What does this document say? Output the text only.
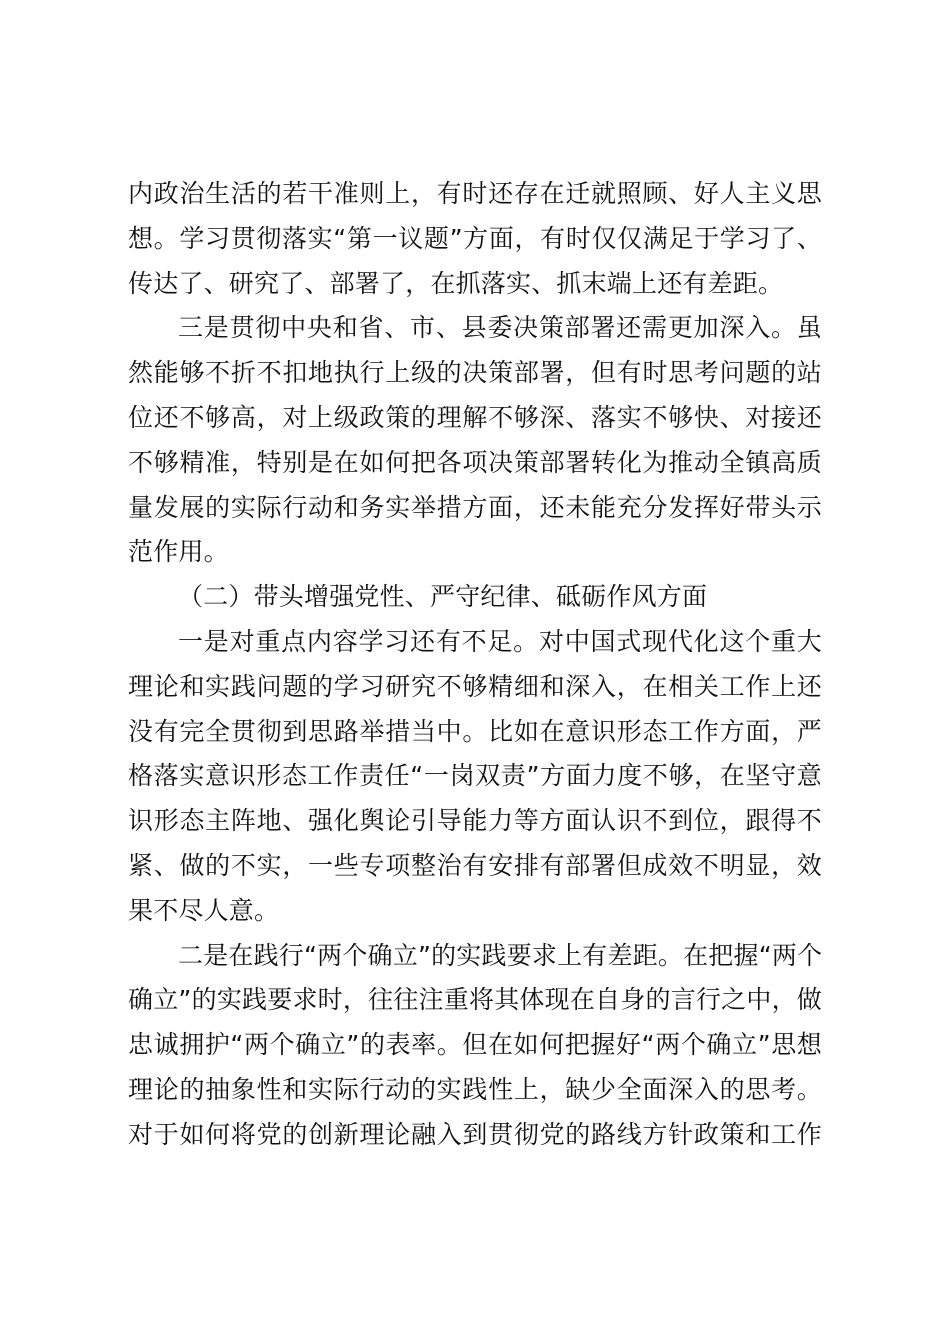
内政治生活的若干准则上，有时还存在迁就照顾、好人主义思
想。学习贯彻落实“第一议题”方面，有时仅仅满足于学习了、
传达了、研究了、部署了，在抓落实、抓末端上还有差距。
三是贯彻中央和省、市、县委决策部署还需更加深入。虽
然能够不折不扣地执行上级的决策部署，但有时思考问题的站
位还不够高，对上级政策的理解不够深、落实不够快、对接还
不够精准，特别是在如何把各项决策部署转化为推动全镇高质
量发展的实际行动和务实举措方面，还未能充分发挥好带头示
范作用。
（二）带头增强党性、严守纪律、砥砺作风方面
一是对重点内容学习还有不足。对中国式现代化这个重大
理论和实践问题的学习研究不够精细和深入，在相关工作上还
没有完全贯彻到思路举措当中。比如在意识形态工作方面，严
格落实意识形态工作责任“一岗双责”方面力度不够，在坚守意
识形态主阵地、强化舆论引导能力等方面认识不到位，跟得不
紧、做的不实，一些专项整治有安排有部署但成效不明显，效
果不尽人意。
二是在践行“两个确立”的实践要求上有差距。在把握“两个
确立”的实践要求时，往往注重将其体现在自身的言行之中，做
忠诚拥护“两个确立”的表率。但在如何把握好“两个确立”思想
理论的抽象性和实际行动的实践性上，缺少全面深入的思考。
对于如何将党的创新理论融入到贯彻党的路线方针政策和工作
